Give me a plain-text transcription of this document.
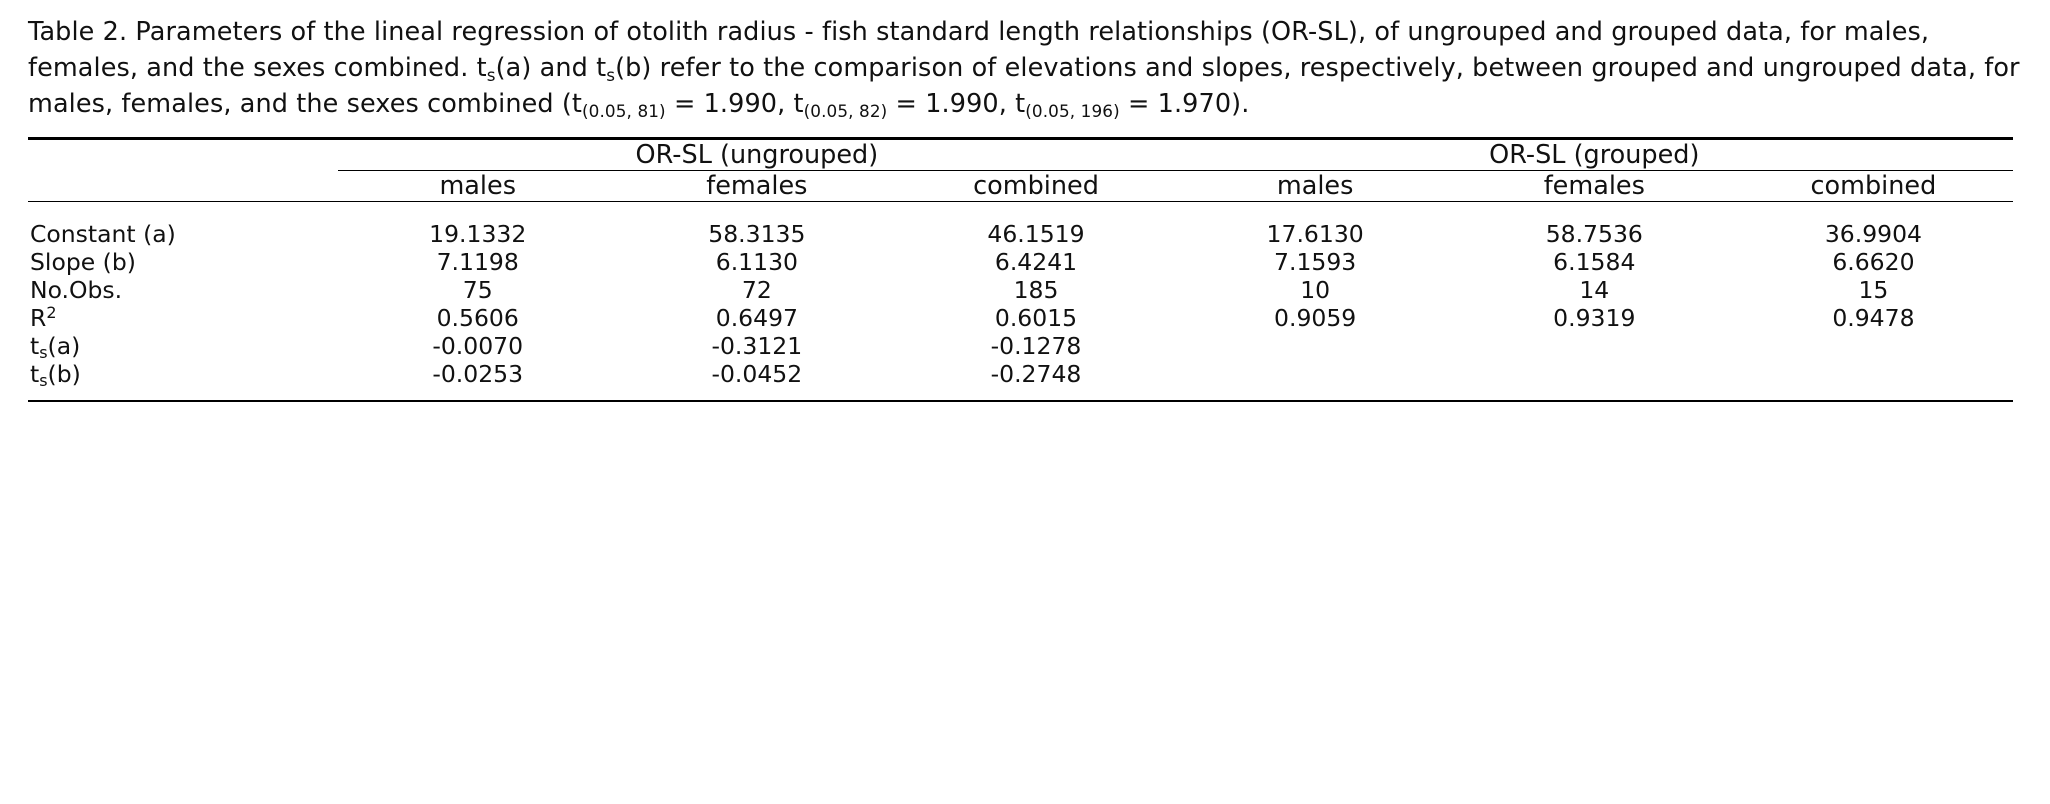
Table 2. Parameters of the lineal regression of otolith radius - fish standard length relationships (OR-SL), of ungrouped and grouped data, for males, females, and the sexes combined. $t_s(a)$ and $t_s(b)$ refer to the comparison of elevations and slopes, respectively, between grouped and ungrouped data, for males, females, and the sexes combined ($t_{(0.05, 81)} = 1.990$, $t_{(0.05, 82)} = 1.990$, $t_{(0.05, 196)} = 1.970$).

	OR-SL (ungrouped)			OR-SL (grouped)		

	males	females	combined	males	females	combined

Constant (a)	19.1332	58.3135	46.1519	17.6130	58.7536	36.9904
Slope (b)	7.1198	6.1130	6.4241	7.1593	6.1584	6.6620
No.Obs.	75	72	185	10	14	15
$R^2$	0.5606	0.6497	0.6015	0.9059	0.9319	0.9478
$t_s(a)$	-0.0070	-0.3121	-0.1278			
$t_s(b)$	-0.0253	-0.0452	-0.2748			
